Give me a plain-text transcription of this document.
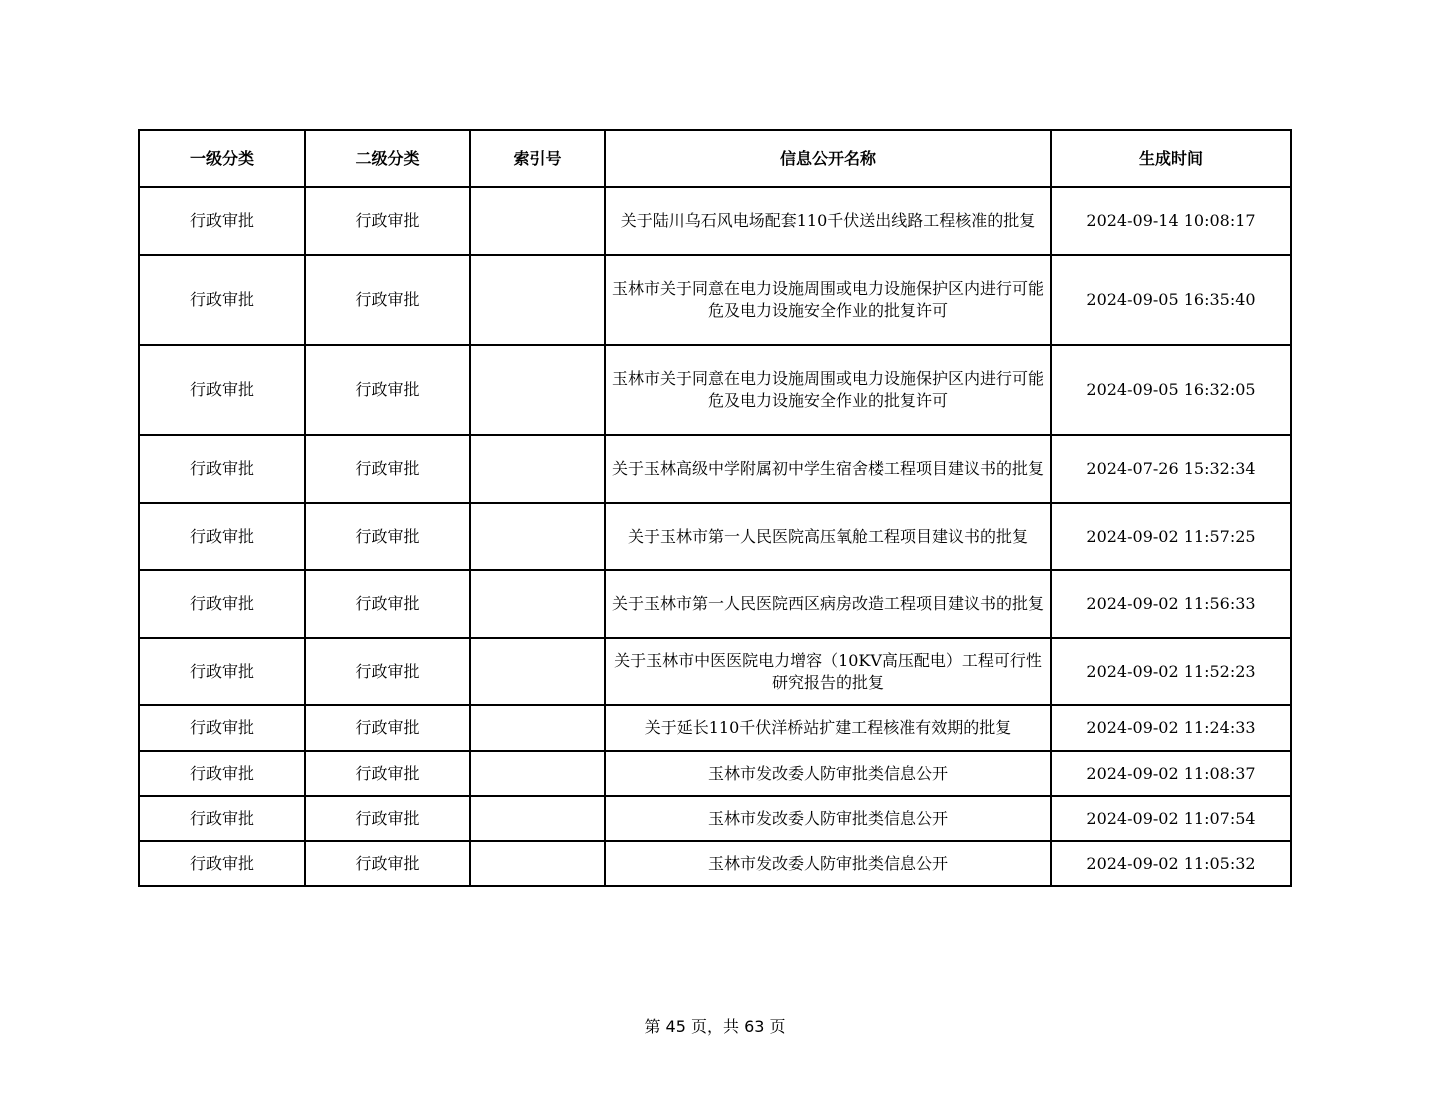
一级分类	二级分类	索引号	信息公开名称	生成时间
行政审批	行政审批		关于陆川乌石风电场配套110千伏送出线路工程核准的批复	2024-09-14 10:08:17
行政审批	行政审批		玉林市关于同意在电力设施周围或电力设施保护区内进行可能危及电力设施安全作业的批复许可	2024-09-05 16:35:40
行政审批	行政审批		玉林市关于同意在电力设施周围或电力设施保护区内进行可能危及电力设施安全作业的批复许可	2024-09-05 16:32:05
行政审批	行政审批		关于玉林高级中学附属初中学生宿舍楼工程项目建议书的批复	2024-07-26 15:32:34
行政审批	行政审批		关于玉林市第一人民医院高压氧舱工程项目建议书的批复	2024-09-02 11:57:25
行政审批	行政审批		关于玉林市第一人民医院西区病房改造工程项目建议书的批复	2024-09-02 11:56:33
行政审批	行政审批		关于玉林市中医医院电力增容（10KV高压配电）工程可行性研究报告的批复	2024-09-02 11:52:23
行政审批	行政审批		关于延长110千伏洋桥站扩建工程核准有效期的批复	2024-09-02 11:24:33
行政审批	行政审批		玉林市发改委人防审批类信息公开	2024-09-02 11:08:37
行政审批	行政审批		玉林市发改委人防审批类信息公开	2024-09-02 11:07:54
行政审批	行政审批		玉林市发改委人防审批类信息公开	2024-09-02 11:05:32
第 45 页，共 63 页
